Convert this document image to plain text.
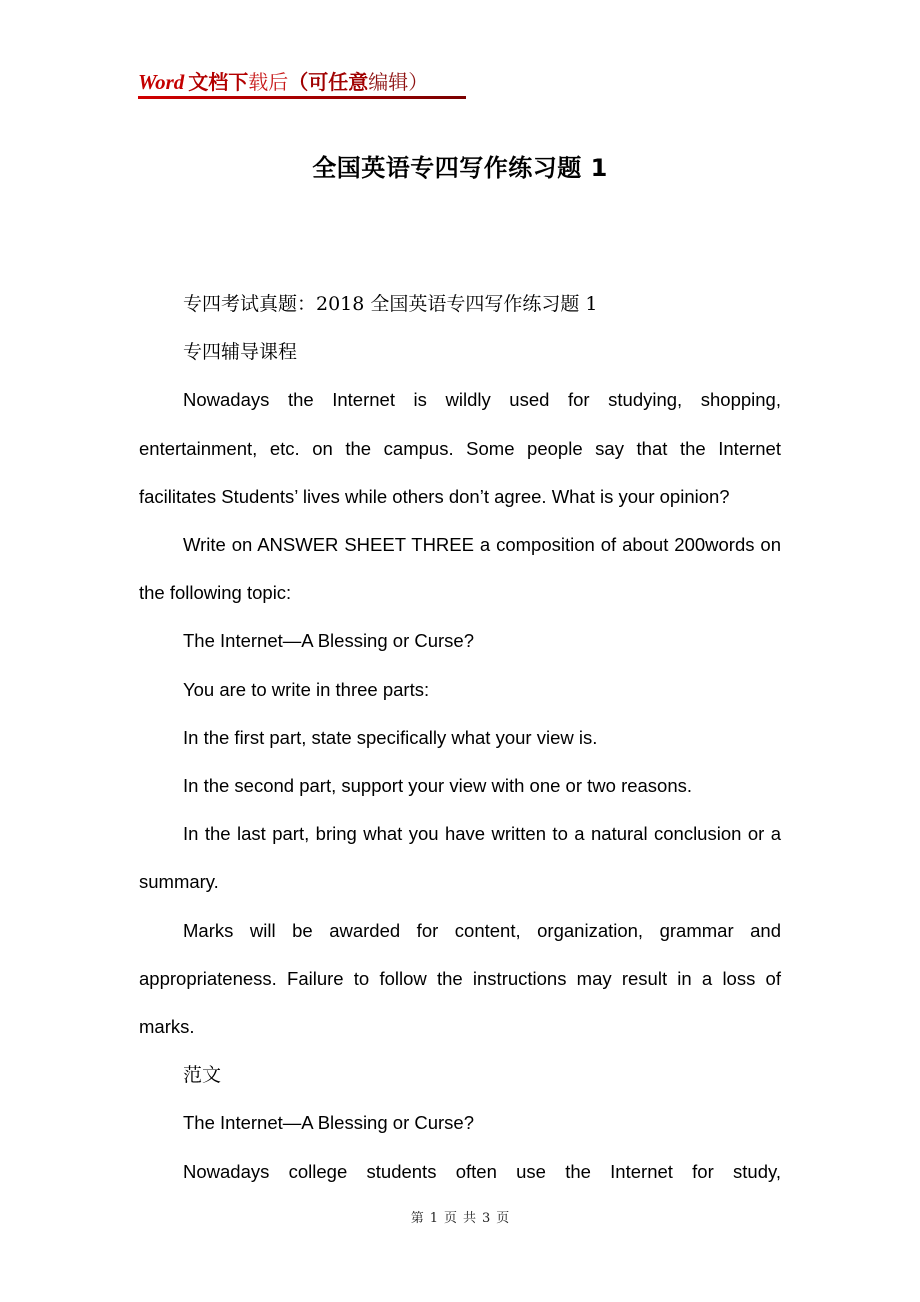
Word 文档下载后（可任意编辑）
全国英语专四写作练习题 1

专四考试真题：2018 全国英语专四写作练习题 1

专四辅导课程

Nowadays the Internet is wildly used for studying, shopping, entertainment, etc. on the campus. Some people say that the Internet facilitates Students’ lives while others don’t agree. What is your opinion?

Write on ANSWER SHEET THREE a composition of about 200words on the following topic:

The Internet—A Blessing or Curse?

You are to write in three parts:

In the first part, state specifically what your view is.

In the second part, support your view with one or two reasons.

In the last part, bring what you have written to a natural conclusion or a summary.

Marks will be awarded for content, organization, grammar and appropriateness. Failure to follow the instructions may result in a loss of marks.

范文

The Internet—A Blessing or Curse?

Nowadays college students often use the Internet for study,

第 1 页 共 3 页
